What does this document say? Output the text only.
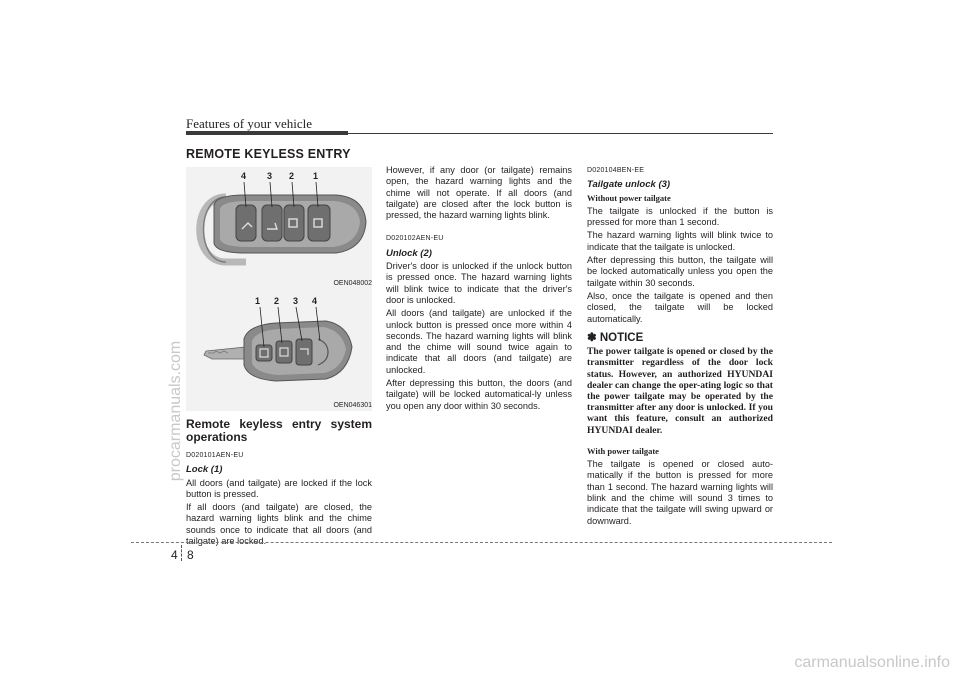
procarmanuals.com
carmanualsonline.info
Features of your vehicle
REMOTE KEYLESS ENTRY
4 3 2 1
OEN048002
1 2 3 4
OEN046301

Remote keyless entry system operations

D020101AEN-EU

Lock (1)

All doors (and tailgate) are locked if the lock button is pressed.

If all doors (and tailgate) are closed, the hazard warning lights blink and the chime sounds once to indicate that all doors (and tailgate) are locked.

However, if any door (or tailgate) remains open, the hazard warning lights and the chime will not operate. If all doors (and tailgate) are closed after the lock button is pressed, the hazard warning lights blink.

D020102AEN-EU

Unlock (2)

Driver's door is unlocked if the unlock button is pressed once. The hazard warning lights will blink twice to indicate that the driver's door is unlocked.

All doors (and tailgate) are unlocked if the unlock button is pressed once more within 4 seconds. The hazard warning lights will blink and the chime will sound twice again to indicate that all doors (and tailgate) are unlocked.

After depressing this button, the doors (and tailgate) will be locked automatical-ly unless you open any door within 30 seconds.

D020104BEN-EE

Tailgate unlock (3)

Without power tailgate

The tailgate is unlocked if the button is pressed for more than 1 second.

The hazard warning lights will blink twice to indicate that the tailgate is unlocked.

After depressing this button, the tailgate will be locked automatically unless you open the tailgate within 30 seconds.

Also, once the tailgate is opened and then closed, the tailgate will be locked automatically.

✽ NOTICE

The power tailgate is opened or closed by the transmitter regardless of the door lock status. However, an authorized HYUNDAI dealer can change the oper-ating logic so that the power tailgate may be operated by the transmitter after any door is unlocked. If you want this feature, consult an authorized HYUNDAI dealer.

With power tailgate

The tailgate is opened or closed auto-matically if the button is pressed for more than 1 second. The hazard warning lights will blink and the chime will sound 3 times to indicate that the tailgate will swing upward or downward.

4 8
